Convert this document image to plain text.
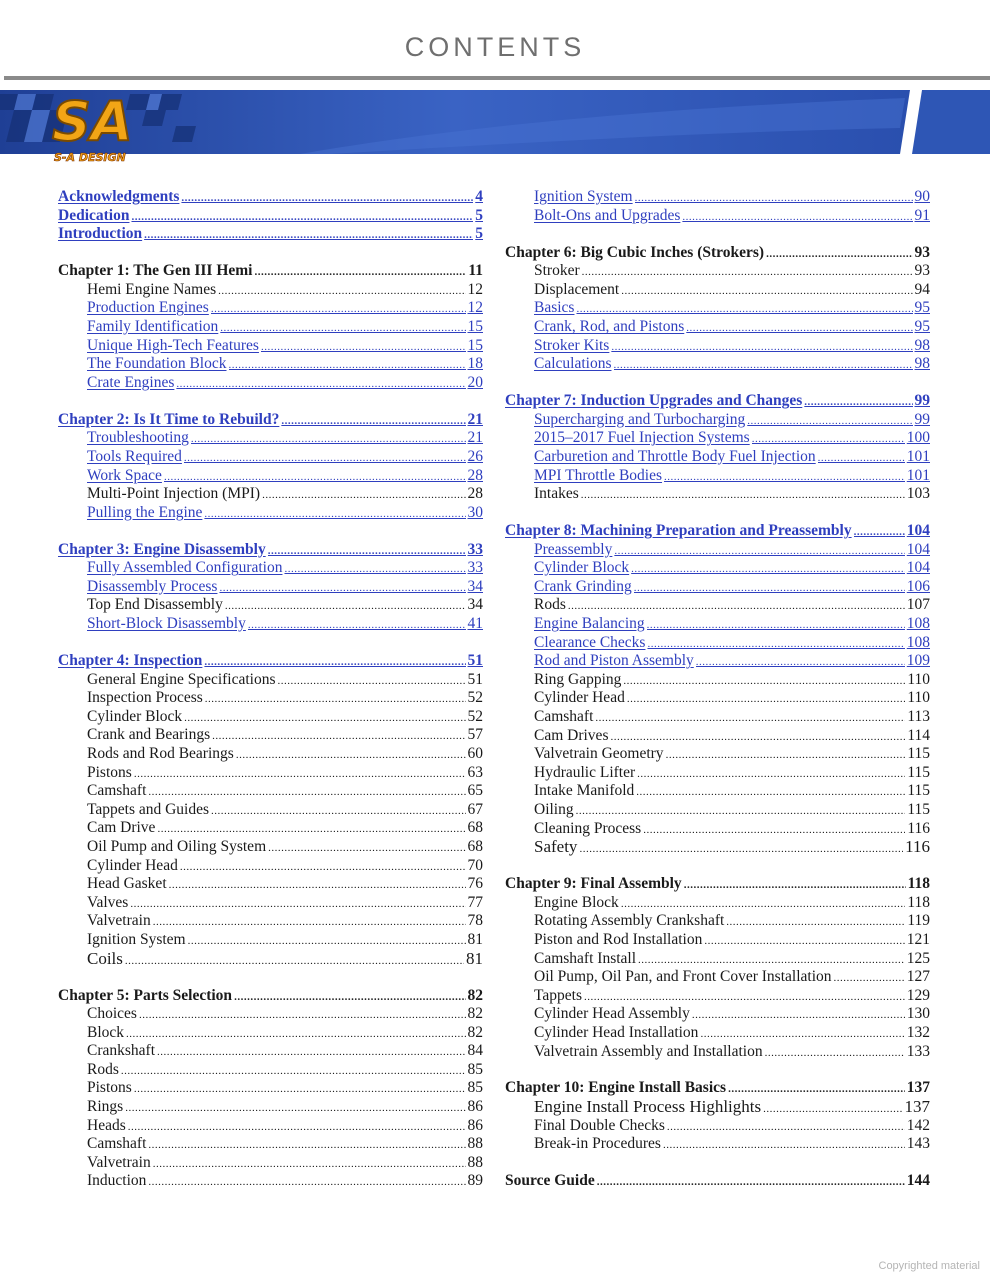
CONTENTS
SA
S-A DESIGN
Acknowledgments .....	4
Dedication .....	5
Introduction .....	5
Chapter 1: The Gen III Hemi .....	11
Hemi Engine Names .....	12
Production Engines .....	12
Family Identification .....	15
Unique High-Tech Features .....	15
The Foundation Block .....	18
Crate Engines .....	20
Chapter 2: Is It Time to Rebuild? .....	21
Troubleshooting .....	21
Tools Required .....	26
Work Space .....	28
Multi-Point Injection (MPI) .....	28
Pulling the Engine .....	30
Chapter 3: Engine Disassembly .....	33
Fully Assembled Configuration .....	33
Disassembly Process .....	34
Top End Disassembly .....	34
Short-Block Disassembly .....	41
Chapter 4: Inspection .....	51
General Engine Specifications .....	51
Inspection Process .....	52
Cylinder Block .....	52
Crank and Bearings .....	57
Rods and Rod Bearings .....	60
Pistons .....	63
Camshaft .....	65
Tappets and Guides .....	67
Cam Drive .....	68
Oil Pump and Oiling System .....	68
Cylinder Head .....	70
Head Gasket .....	76
Valves .....	77
Valvetrain .....	78
Ignition System .....	81
Coils .....	81
Chapter 5: Parts Selection .....	82
Choices .....	82
Block .....	82
Crankshaft .....	84
Rods .....	85
Pistons .....	85
Rings .....	86
Heads .....	86
Camshaft .....	88
Valvetrain .....	88
Induction .....	89
Ignition System .....	90
Bolt-Ons and Upgrades .....	91
Chapter 6: Big Cubic Inches (Strokers) .....	93
Stroker .....	93
Displacement .....	94
Basics .....	95
Crank, Rod, and Pistons .....	95
Stroker Kits .....	98
Calculations .....	98
Chapter 7: Induction Upgrades and Changes .....	99
Supercharging and Turbocharging .....	99
2015–2017 Fuel Injection Systems .....	100
Carburetion and Throttle Body Fuel Injection .....	101
MPI Throttle Bodies .....	101
Intakes .....	103
Chapter 8: Machining Preparation and Preassembly .....	104
Preassembly .....	104
Cylinder Block .....	104
Crank Grinding .....	106
Rods .....	107
Engine Balancing .....	108
Clearance Checks .....	108
Rod and Piston Assembly .....	109
Ring Gapping .....	110
Cylinder Head .....	110
Camshaft .....	113
Cam Drives .....	114
Valvetrain Geometry .....	115
Hydraulic Lifter .....	115
Intake Manifold .....	115
Oiling .....	115
Cleaning Process .....	116
Safety .....	116
Chapter 9: Final Assembly .....	118
Engine Block .....	118
Rotating Assembly Crankshaft .....	119
Piston and Rod Installation .....	121
Camshaft Install .....	125
Oil Pump, Oil Pan, and Front Cover Installation .....	127
Tappets .....	129
Cylinder Head Assembly .....	130
Cylinder Head Installation .....	132
Valvetrain Assembly and Installation .....	133
Chapter 10: Engine Install Basics .....	137
Engine Install Process Highlights .....	137
Final Double Checks .....	142
Break-in Procedures .....	143
Source Guide .....	144
Copyrighted material
